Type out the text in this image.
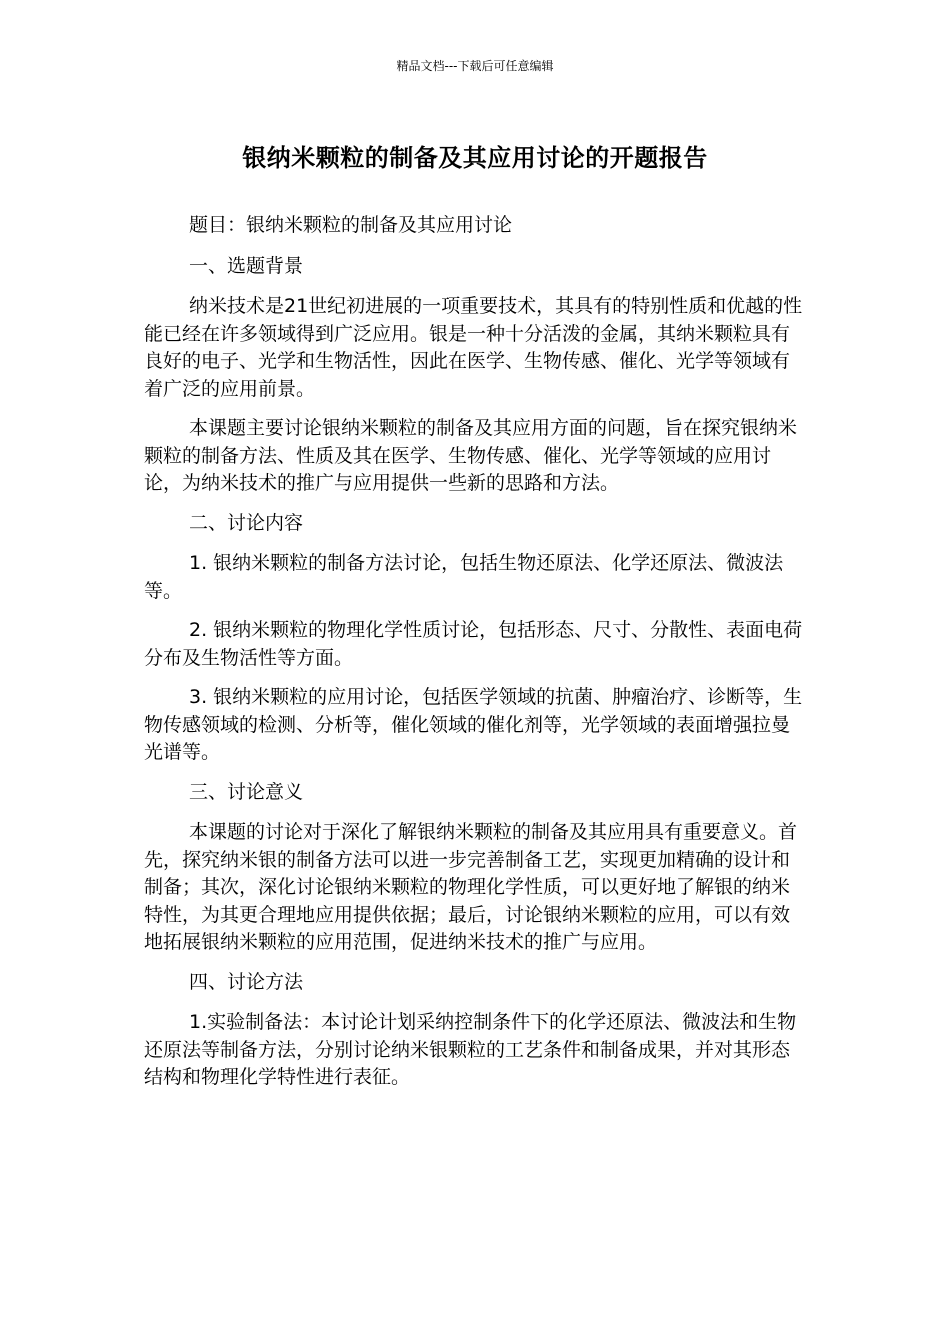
精品文档---下载后可任意编辑
银纳米颗粒的制备及其应用讨论的开题报告

题目：银纳米颗粒的制备及其应用讨论

一、选题背景

纳米技术是21世纪初进展的一项重要技术，其具有的特别性质和优越的性能已经在许多领域得到广泛应用。银是一种十分活泼的金属，其纳米颗粒具有良好的电子、光学和生物活性，因此在医学、生物传感、催化、光学等领域有着广泛的应用前景。

本课题主要讨论银纳米颗粒的制备及其应用方面的问题，旨在探究银纳米颗粒的制备方法、性质及其在医学、生物传感、催化、光学等领域的应用讨论，为纳米技术的推广与应用提供一些新的思路和方法。

二、讨论内容

1. 银纳米颗粒的制备方法讨论，包括生物还原法、化学还原法、微波法等。

2. 银纳米颗粒的物理化学性质讨论，包括形态、尺寸、分散性、表面电荷分布及生物活性等方面。

3. 银纳米颗粒的应用讨论，包括医学领域的抗菌、肿瘤治疗、诊断等，生物传感领域的检测、分析等，催化领域的催化剂等，光学领域的表面增强拉曼光谱等。

三、讨论意义

本课题的讨论对于深化了解银纳米颗粒的制备及其应用具有重要意义。首先，探究纳米银的制备方法可以进一步完善制备工艺，实现更加精确的设计和制备；其次，深化讨论银纳米颗粒的物理化学性质，可以更好地了解银的纳米特性，为其更合理地应用提供依据；最后，讨论银纳米颗粒的应用，可以有效地拓展银纳米颗粒的应用范围，促进纳米技术的推广与应用。

四、讨论方法

1.实验制备法：本讨论计划采纳控制条件下的化学还原法、微波法和生物还原法等制备方法，分别讨论纳米银颗粒的工艺条件和制备成果，并对其形态结构和物理化学特性进行表征。
